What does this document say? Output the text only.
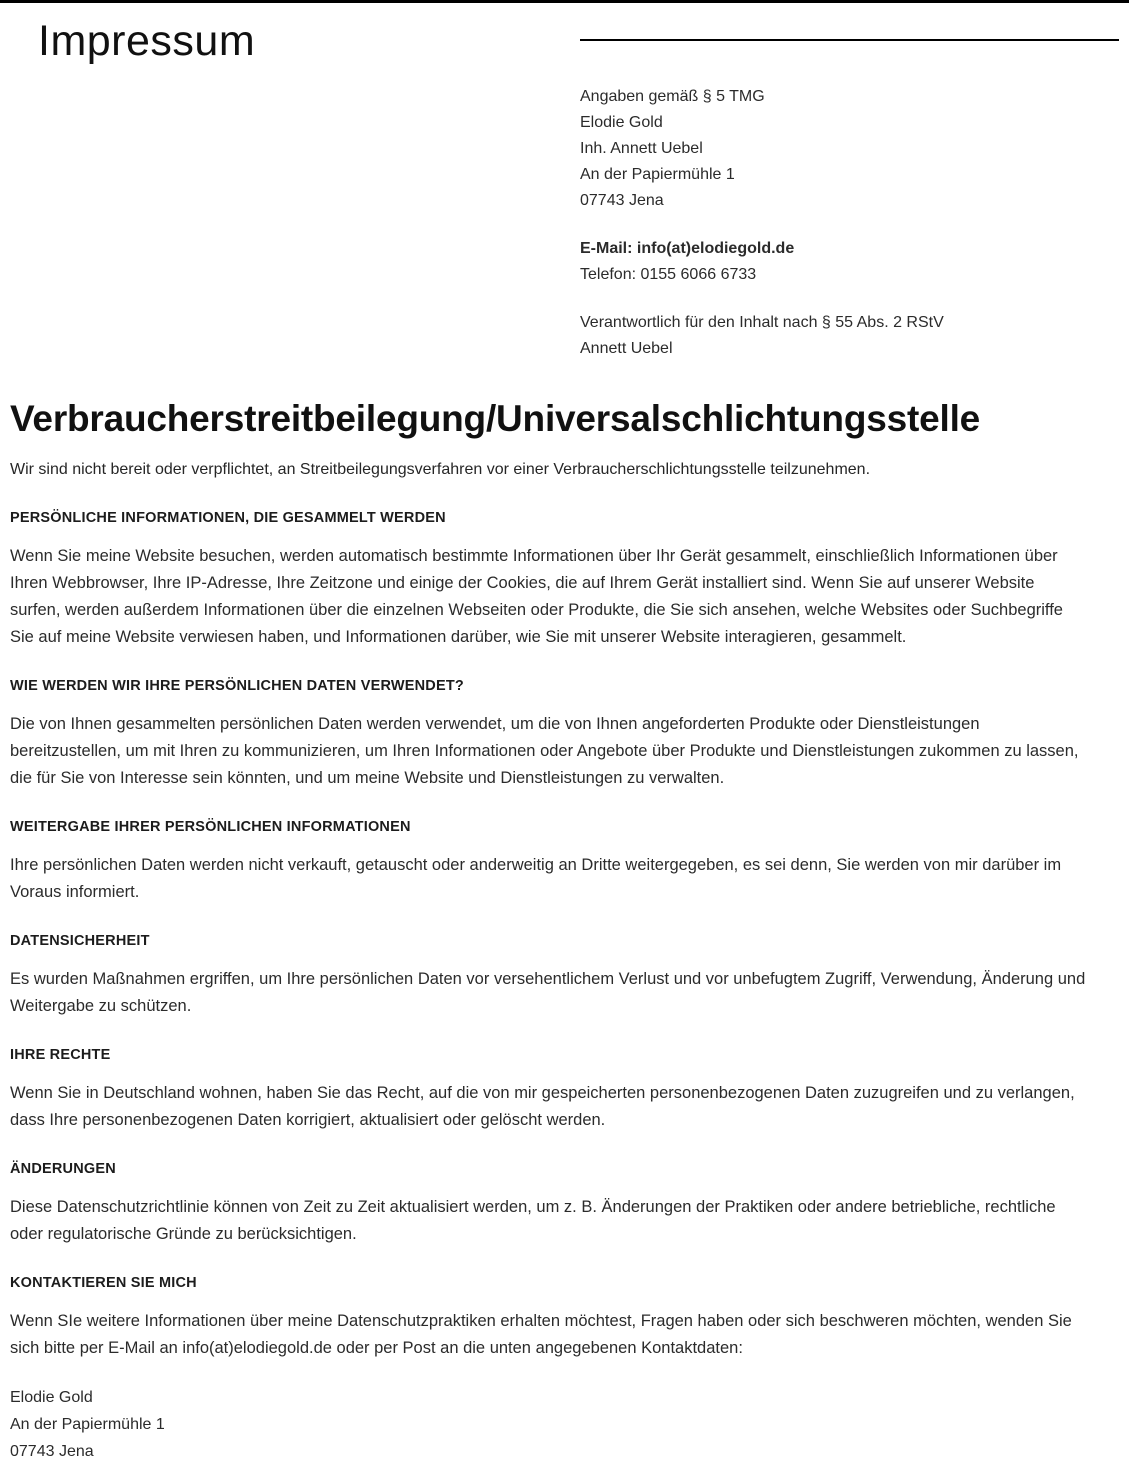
Impressum
Angaben gemäß § 5 TMG
Elodie Gold
Inh. Annett Uebel
An der Papiermühle 1
07743 Jena
E-Mail: info(at)elodiegold.de
Telefon: 0155 6066 6733
Verantwortlich für den Inhalt nach § 55 Abs. 2 RStV
Annett Uebel
Verbraucherstreitbeilegung/Universalschlichtungsstelle

Wir sind nicht bereit oder verpflichtet, an Streitbeilegungsverfahren vor einer Verbraucherschlichtungsstelle teilzunehmen.

PERSÖNLICHE INFORMATIONEN, DIE GESAMMELT WERDEN

Wenn Sie meine Website besuchen, werden automatisch bestimmte Informationen über Ihr Gerät gesammelt, einschließlich Informationen über Ihren Webbrowser, Ihre IP-Adresse, Ihre Zeitzone und einige der Cookies, die auf Ihrem Gerät installiert sind. Wenn Sie auf unserer Website surfen, werden außerdem Informationen über die einzelnen Webseiten oder Produkte, die Sie sich ansehen, welche Websites oder Suchbegriffe Sie auf meine Website verwiesen haben, und Informationen darüber, wie Sie mit unserer Website interagieren, gesammelt.

WIE WERDEN WIR IHRE PERSÖNLICHEN DATEN VERWENDET?

Die von Ihnen gesammelten persönlichen Daten werden verwendet, um die von Ihnen angeforderten Produkte oder Dienstleistungen bereitzustellen, um mit Ihren zu kommunizieren, um Ihren Informationen oder Angebote über Produkte und Dienstleistungen zukommen zu lassen, die für Sie von Interesse sein könnten, und um meine Website und Dienstleistungen zu verwalten.

WEITERGABE IHRER PERSÖNLICHEN INFORMATIONEN

Ihre persönlichen Daten werden nicht verkauft, getauscht oder anderweitig an Dritte weitergegeben, es sei denn, Sie werden von mir darüber im Voraus informiert.

DATENSICHERHEIT

Es wurden Maßnahmen ergriffen, um Ihre persönlichen Daten vor versehentlichem Verlust und vor unbefugtem Zugriff, Verwendung, Änderung und Weitergabe zu schützen.

IHRE RECHTE

Wenn Sie in Deutschland wohnen, haben Sie das Recht, auf die von mir gespeicherten personenbezogenen Daten zuzugreifen und zu verlangen, dass Ihre personenbezogenen Daten korrigiert, aktualisiert oder gelöscht werden.

ÄNDERUNGEN

Diese Datenschutzrichtlinie können von Zeit zu Zeit aktualisiert werden, um z. B. Änderungen der Praktiken oder andere betriebliche, rechtliche oder regulatorische Gründe zu berücksichtigen.

KONTAKTIEREN SIE MICH

Wenn SIe weitere Informationen über meine Datenschutzpraktiken erhalten möchtest, Fragen haben oder sich beschweren möchten, wenden Sie sich bitte per E-Mail an info(at)elodiegold.de oder per Post an die unten angegebenen Kontaktdaten:

Elodie Gold
An der Papiermühle 1
07743 Jena
